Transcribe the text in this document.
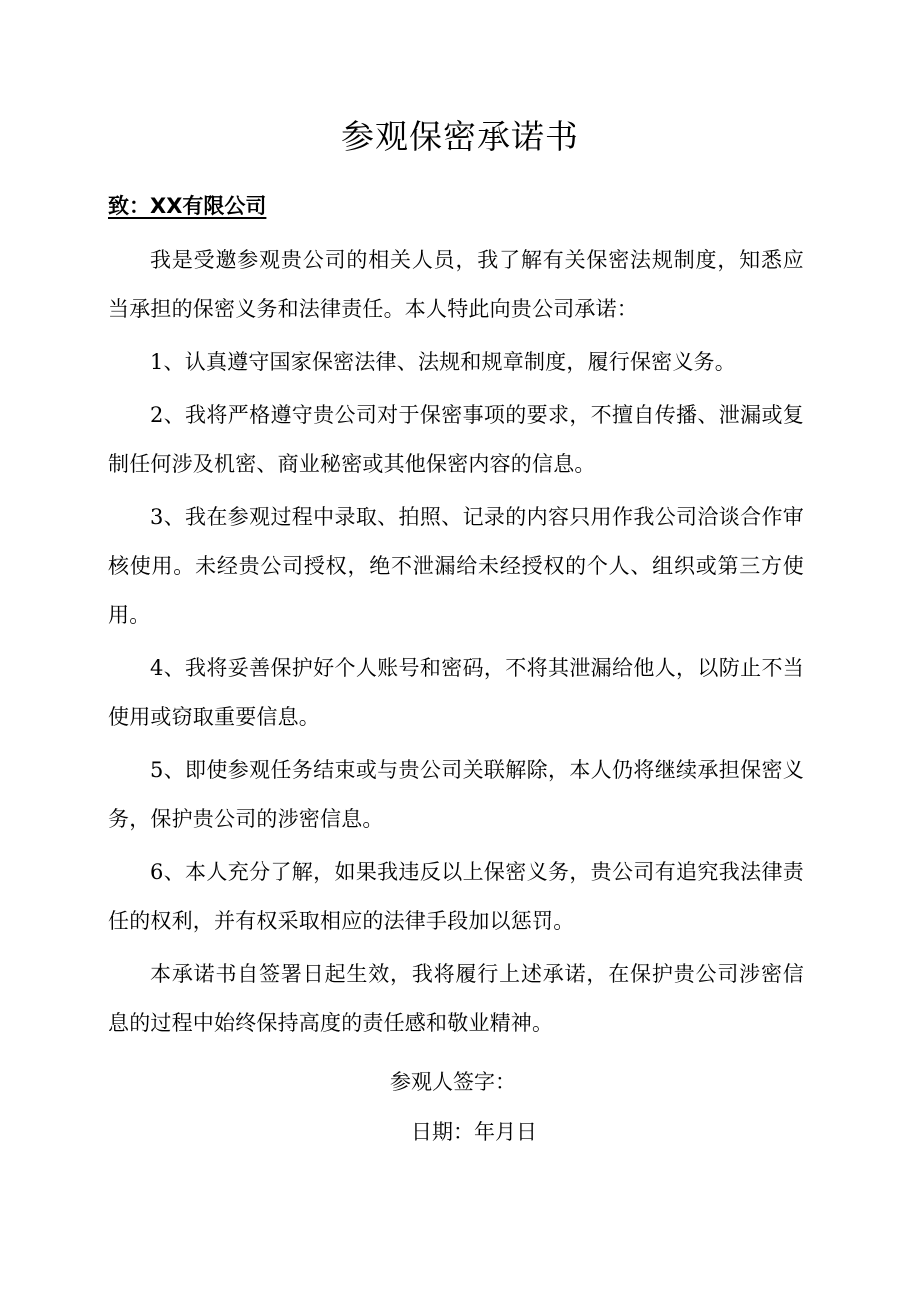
参观保密承诺书

致：XX有限公司

我是受邀参观贵公司的相关人员，我了解有关保密法规制度，知悉应当承担的保密义务和法律责任。本人特此向贵公司承诺：

1、认真遵守国家保密法律、法规和规章制度，履行保密义务。

2、我将严格遵守贵公司对于保密事项的要求，不擅自传播、泄漏或复制任何涉及机密、商业秘密或其他保密内容的信息。

3、我在参观过程中录取、拍照、记录的内容只用作我公司洽谈合作审核使用。未经贵公司授权，绝不泄漏给未经授权的个人、组织或第三方使用。

4、我将妥善保护好个人账号和密码，不将其泄漏给他人，以防止不当使用或窃取重要信息。

5、即使参观任务结束或与贵公司关联解除，本人仍将继续承担保密义务，保护贵公司的涉密信息。

6、本人充分了解，如果我违反以上保密义务，贵公司有追究我法律责任的权利，并有权采取相应的法律手段加以惩罚。

本承诺书自签署日起生效，我将履行上述承诺，在保护贵公司涉密信息的过程中始终保持高度的责任感和敬业精神。

参观人签字：

日期：年月日
